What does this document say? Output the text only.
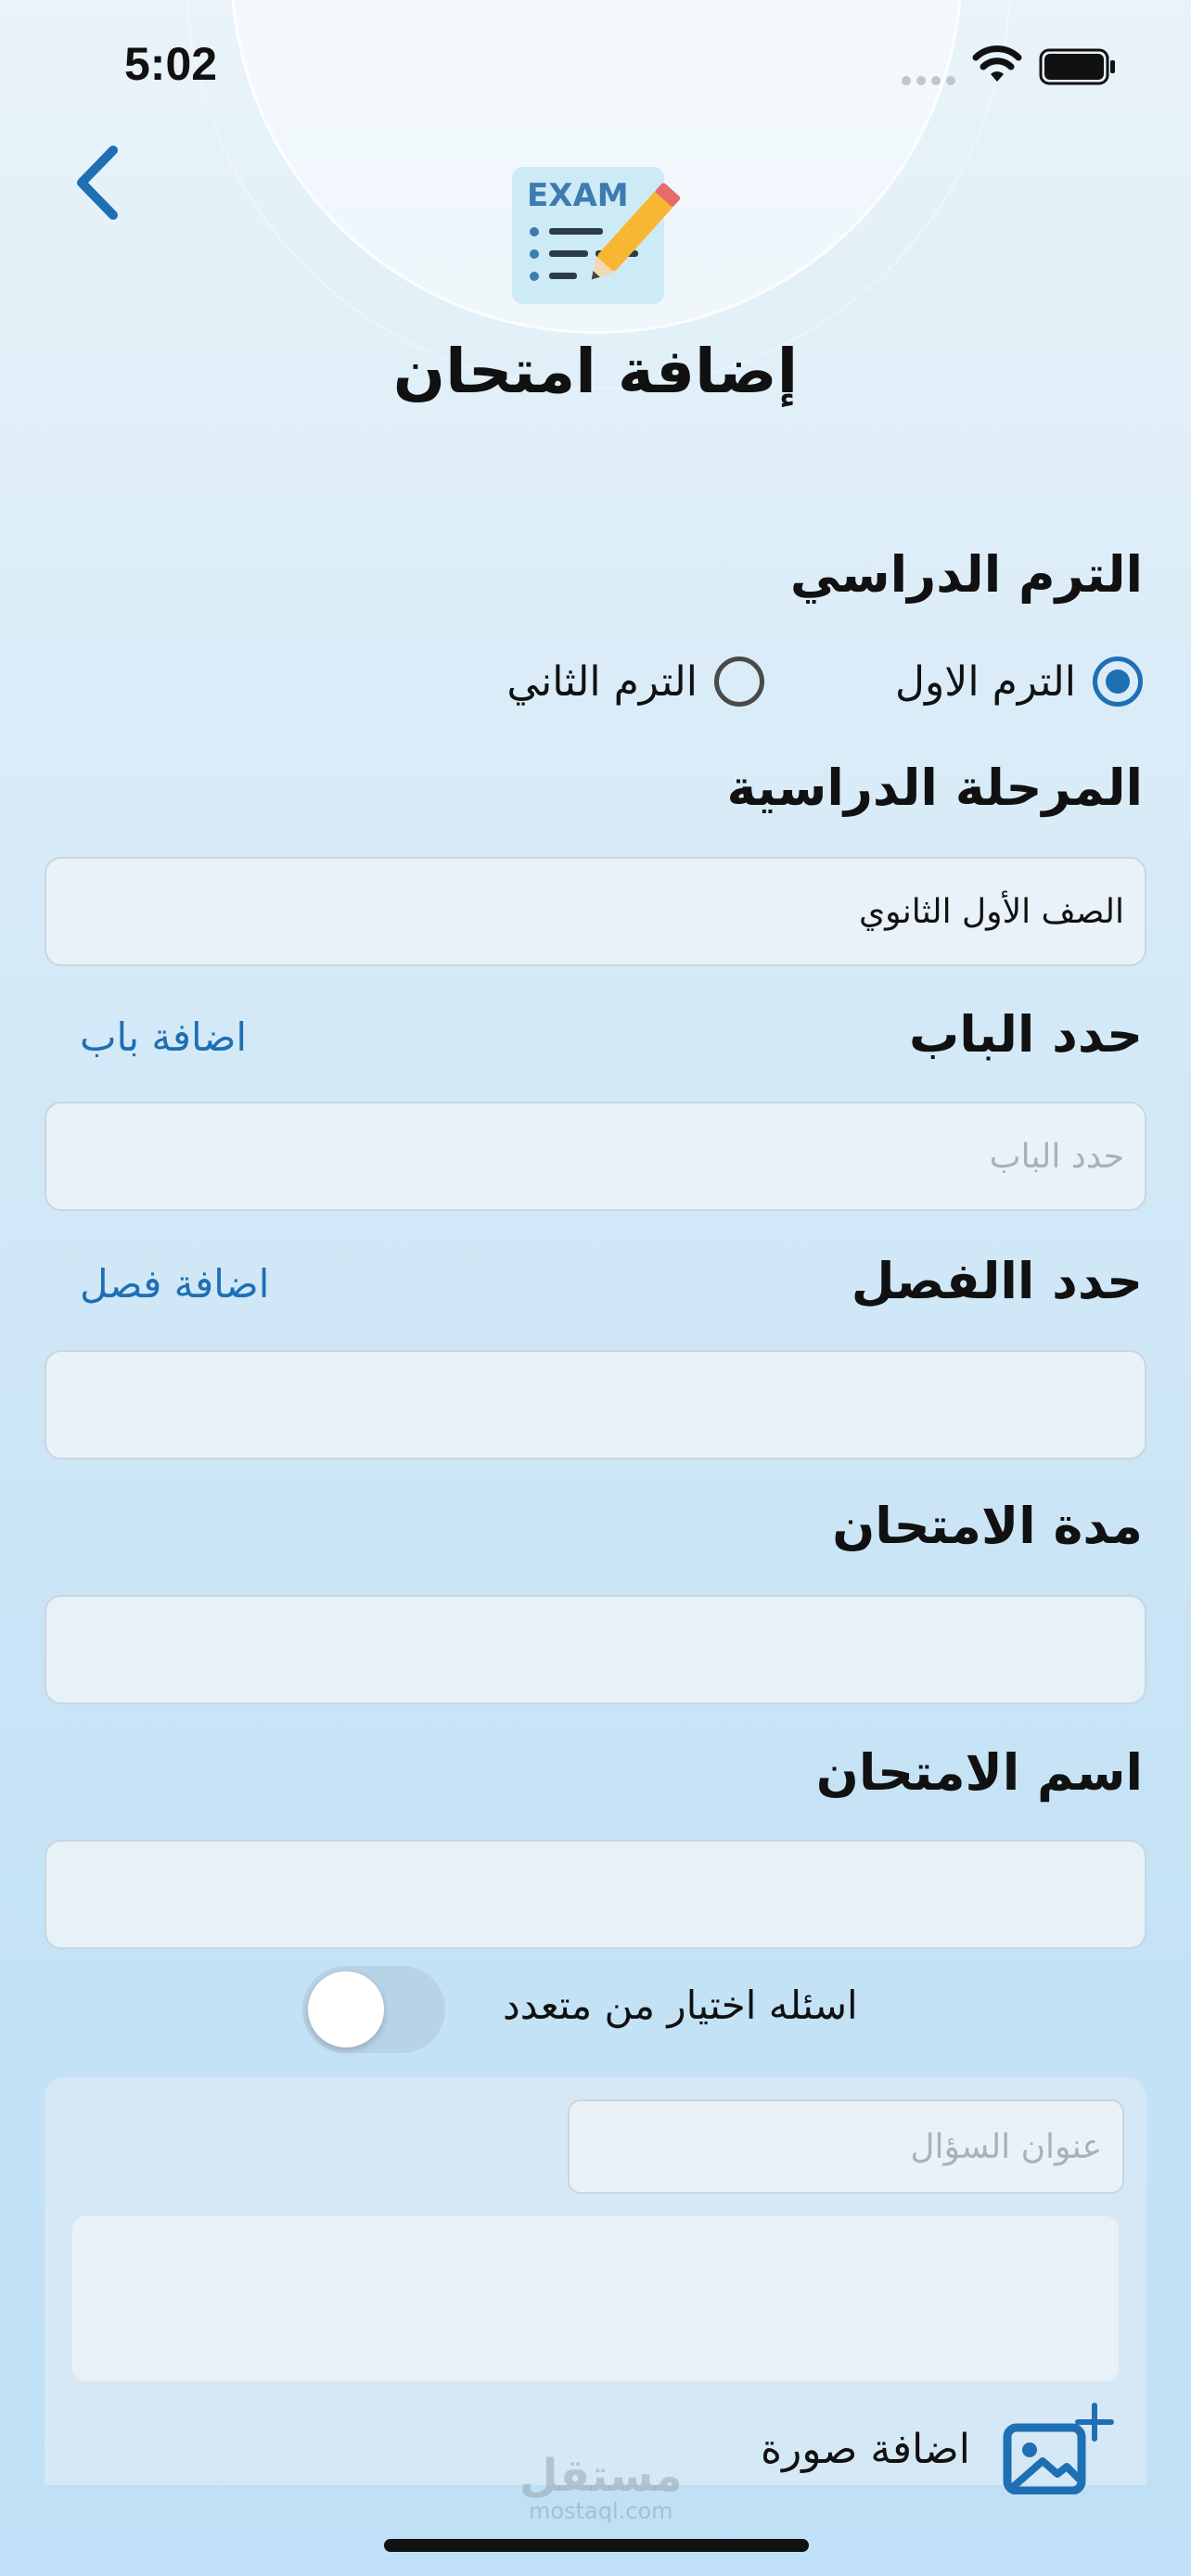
5:02
EXAM
إضافة امتحان
الترم الدراسي
الترم الاول
الترم الثاني
المرحلة الدراسية
الصف الأول الثانوي
حدد الباب
اضافة باب
حدد الباب
حدد االفصل
اضافة فصل
مدة الامتحان
اسم الامتحان
اسئله اختيار من متعدد
عنوان السؤال
اضافة صورة
مستقل
mostaql.com
